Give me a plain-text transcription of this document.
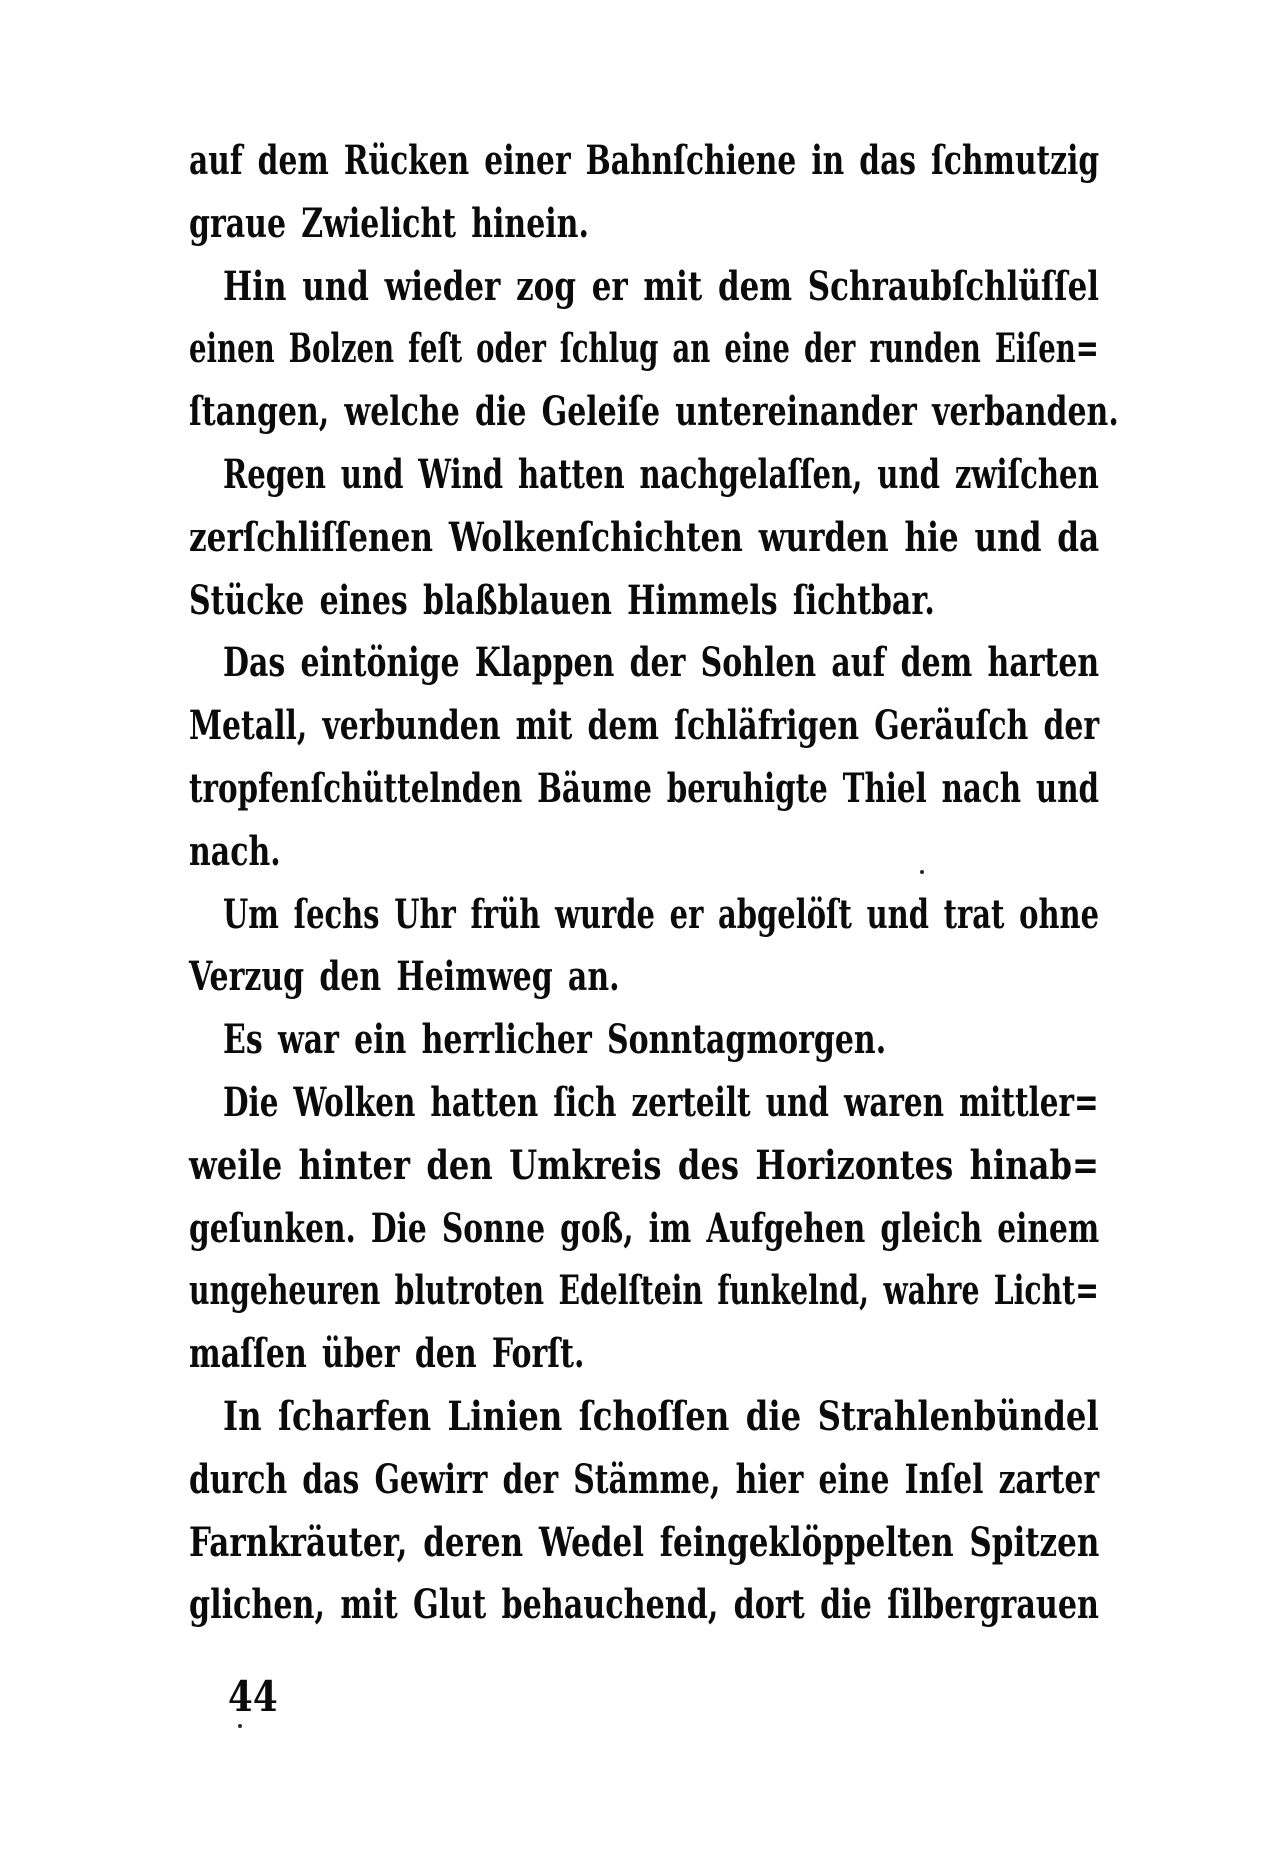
auf dem Rücken einer Bahnſchiene in das ſchmutzig
graue Zwielicht hinein.
Hin und wieder zog er mit dem Schraubſchlüſſel
einen Bolzen feſt oder ſchlug an eine der runden Eiſen=
ſtangen, welche die Geleiſe untereinander verbanden.
Regen und Wind hatten nachgelaſſen, und zwiſchen
zerſchliſſenen Wolkenſchichten wurden hie und da
Stücke eines blaßblauen Himmels ſichtbar.
Das eintönige Klappen der Sohlen auf dem harten
Metall, verbunden mit dem ſchläfrigen Geräuſch der
tropfenſchüttelnden Bäume beruhigte Thiel nach und
nach.
Um ſechs Uhr früh wurde er abgelöſt und trat ohne
Verzug den Heimweg an.
Es war ein herrlicher Sonntagmorgen.
Die Wolken hatten ſich zerteilt und waren mittler=
weile hinter den Umkreis des Horizontes hinab=
geſunken. Die Sonne goß, im Aufgehen gleich einem
ungeheuren blutroten Edelſtein funkelnd, wahre Licht=
maſſen über den Forſt.
In ſcharfen Linien ſchoſſen die Strahlenbündel
durch das Gewirr der Stämme, hier eine Inſel zarter
Farnkräuter, deren Wedel feingeklöppelten Spitzen
glichen, mit Glut behauchend, dort die ſilbergrauen
44
